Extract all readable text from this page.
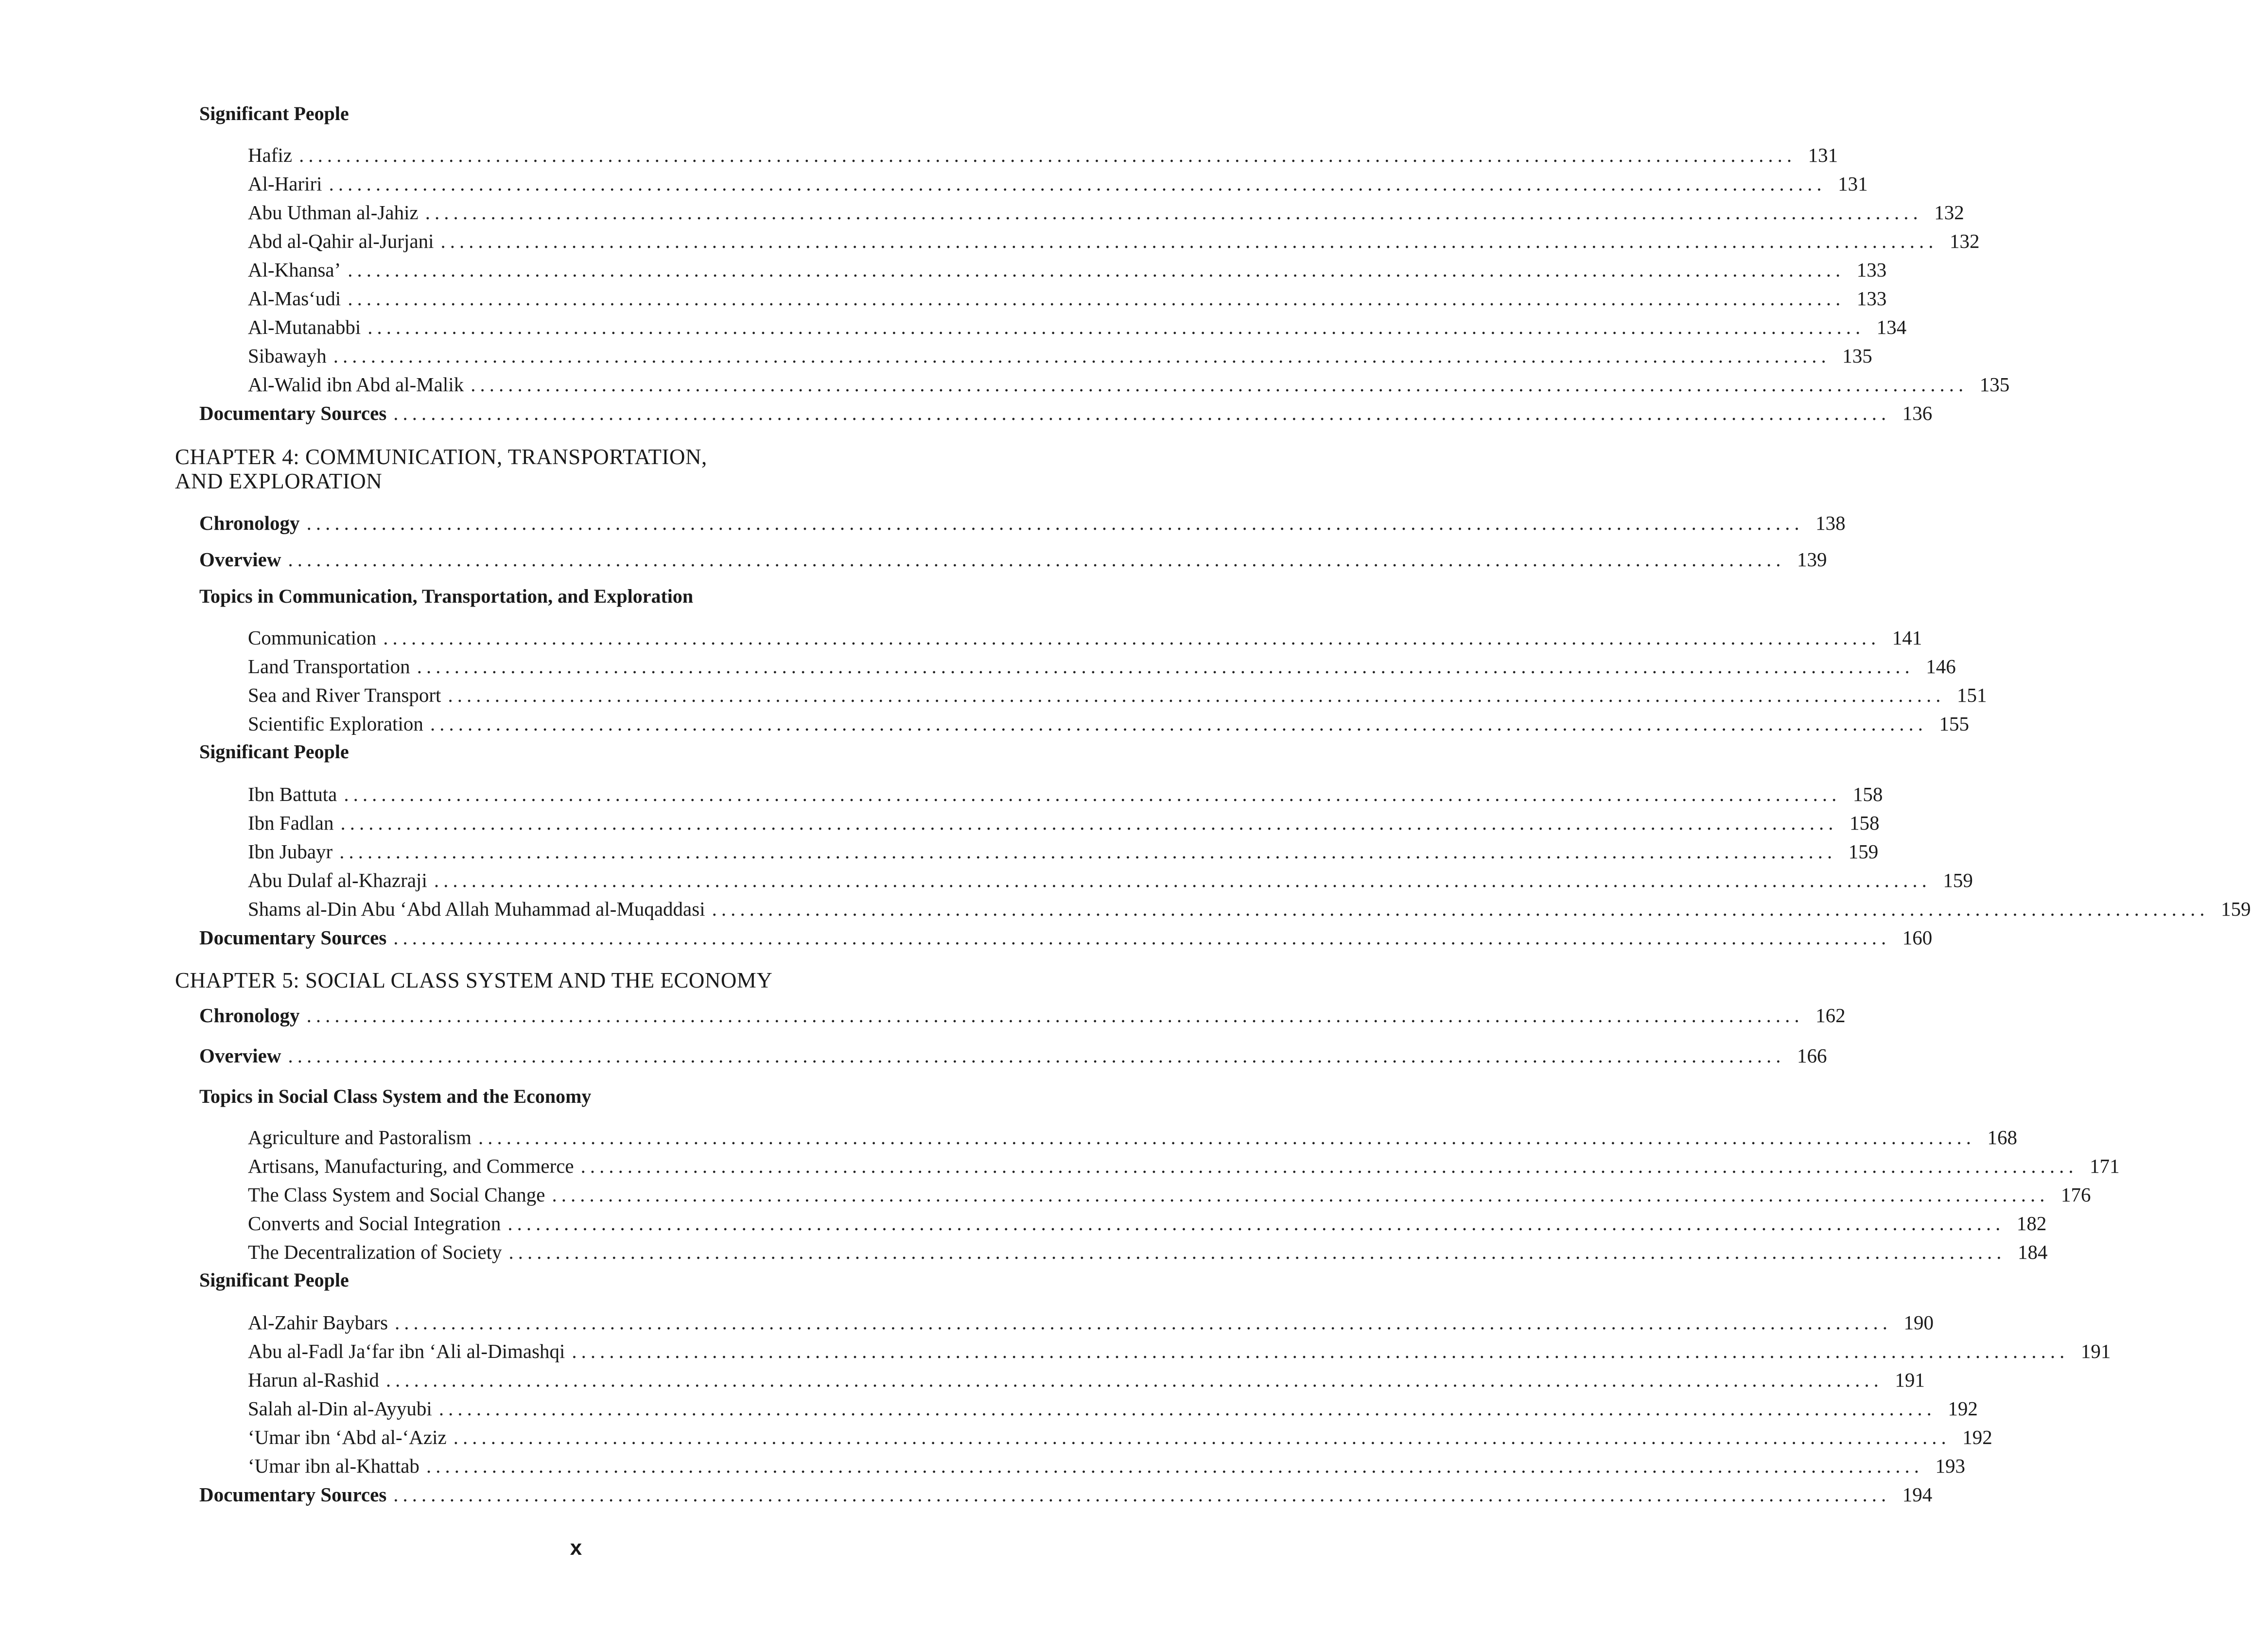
Significant People
Hafiz ................................................................................................................................................................ 131
Al-Hariri ................................................................................................................................................................ 131
Abu Uthman al-Jahiz ................................................................................................................................................................ 132
Abd al-Qahir al-Jurjani ................................................................................................................................................................ 132
Al-Khansa’ ................................................................................................................................................................ 133
Al-Mas‘udi ................................................................................................................................................................ 133
Al-Mutanabbi ................................................................................................................................................................ 134
Sibawayh ................................................................................................................................................................ 135
Al-Walid ibn Abd al-Malik ................................................................................................................................................................ 135
Documentary Sources ................................................................................................................................................................ 136
CHAPTER 4: COMMUNICATION, TRANSPORTATION,
AND EXPLORATION
Chronology ................................................................................................................................................................ 138
Overview ................................................................................................................................................................ 139
Topics in Communication, Transportation, and Exploration
Communication ................................................................................................................................................................ 141
Land Transportation ................................................................................................................................................................ 146
Sea and River Transport ................................................................................................................................................................ 151
Scientific Exploration ................................................................................................................................................................ 155
Significant People
Ibn Battuta ................................................................................................................................................................ 158
Ibn Fadlan ................................................................................................................................................................ 158
Ibn Jubayr ................................................................................................................................................................ 159
Abu Dulaf al-Khazraji ................................................................................................................................................................ 159
Shams al-Din Abu ‘Abd Allah Muhammad al-Muqaddasi ................................................................................................................................................................ 159
Documentary Sources ................................................................................................................................................................ 160
CHAPTER 5: SOCIAL CLASS SYSTEM AND THE ECONOMY
Chronology ................................................................................................................................................................ 162
Overview ................................................................................................................................................................ 166
Topics in Social Class System and the Economy
Agriculture and Pastoralism ................................................................................................................................................................ 168
Artisans, Manufacturing, and Commerce ................................................................................................................................................................ 171
The Class System and Social Change ................................................................................................................................................................ 176
Converts and Social Integration ................................................................................................................................................................ 182
The Decentralization of Society ................................................................................................................................................................ 184
Significant People
Al-Zahir Baybars ................................................................................................................................................................ 190
Abu al-Fadl Ja‘far ibn ‘Ali al-Dimashqi ................................................................................................................................................................ 191
Harun al-Rashid ................................................................................................................................................................ 191
Salah al-Din al-Ayyubi ................................................................................................................................................................ 192
‘Umar ibn ‘Abd al-‘Aziz ................................................................................................................................................................ 192
‘Umar ibn al-Khattab ................................................................................................................................................................ 193
Documentary Sources ................................................................................................................................................................ 194
x
